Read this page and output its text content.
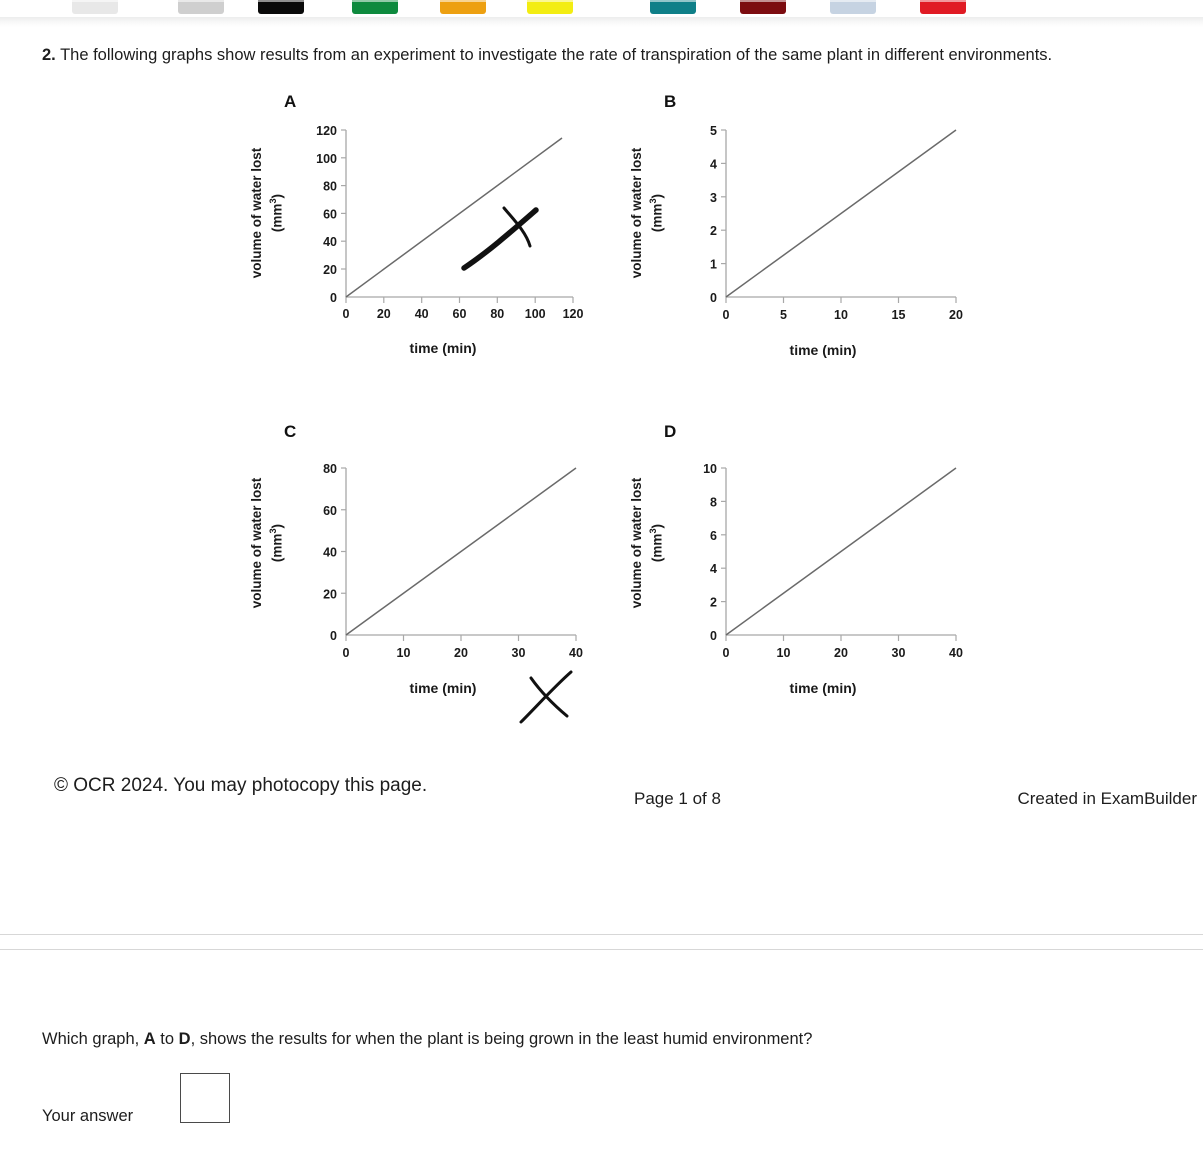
2. The following graphs show results from an experiment to investigate the rate of transpiration of the same plant in different environments.
A
volume of water lost $(mm^3)$
120
100
80
60
40
20
0
0 20 40 60 80 100 120
time (min)
B
volume of water lost $(mm^3)$
5
4
3
2
1
0
0	5	10	15	20
time (min)
C
volume of water lost $(mm^3)$
80
60
40
20
0
0	10	20	30	40
time (min)
D
volume of water lost $(mm^3)$
10
8
6
4
2
0
0	10	20	30	40
time (min)
© OCR 2024. You may photocopy this page.
Page 1 of 8	Created in ExamBuilder
Which graph, A to D, shows the results for when the plant is being grown in the least humid environment?
Your answer
